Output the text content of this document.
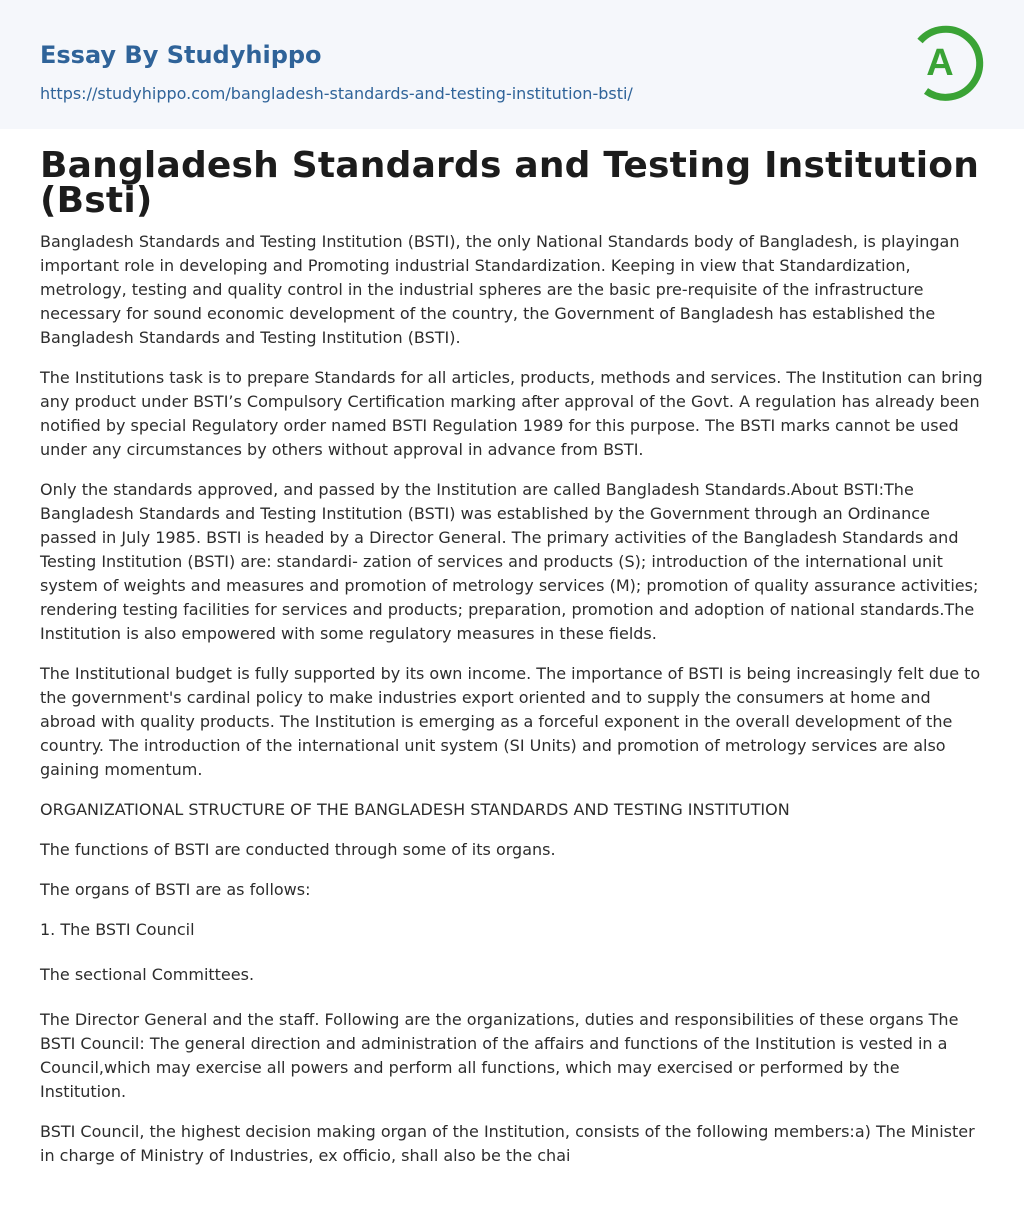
Essay By Studyhippo
https://studyhippo.com/bangladesh-standards-and-testing-institution-bsti/
A
Bangladesh Standards and Testing Institution (Bsti)

Bangladesh Standards and Testing Institution (BSTI), the only National Standards body of Bangladesh, is playingan important role in developing and Promoting industrial Standardization. Keeping in view that Standardization, metrology, testing and quality control in the industrial spheres are the basic pre-requisite of the infrastructure necessary for sound economic development of the country, the Government of Bangladesh has established the Bangladesh Standards and Testing Institution (BSTI).

The Institutions task is to prepare Standards for all articles, products, methods and services. The Institution can bring any product under BSTI’s Compulsory Certification marking after approval of the Govt. A regulation has already been notified by special Regulatory order named BSTI Regulation 1989 for this purpose. The BSTI marks cannot be used under any circumstances by others without approval in advance from BSTI.

Only the standards approved, and passed by the Institution are called Bangladesh Standards.About BSTI:The Bangladesh Standards and Testing Institution (BSTI) was established by the Government through an Ordinance passed in July 1985. BSTI is headed by a Director General. The primary activities of the Bangladesh Standards and Testing Institution (BSTI) are: standardi- zation of services and products (S); introduction of the international unit system of weights and measures and promotion of metrology services (M); promotion of quality assurance activities; rendering testing facilities for services and products; preparation, promotion and adoption of national standards.The Institution is also empowered with some regulatory measures in these fields.

The Institutional budget is fully supported by its own income. The importance of BSTI is being increasingly felt due to the government's cardinal policy to make industries export oriented and to supply the consumers at home and abroad with quality products. The Institution is emerging as a forceful exponent in the overall development of the country. The introduction of the international unit system (SI Units) and promotion of metrology services are also gaining momentum.

ORGANIZATIONAL STRUCTURE OF THE BANGLADESH STANDARDS AND TESTING INSTITUTION

The functions of BSTI are conducted through some of its organs.

The organs of BSTI are as follows:

1. The BSTI Council

The sectional Committees.

The Director General and the staff. Following are the organizations, duties and responsibilities of these organs The BSTI Council: The general direction and administration of the affairs and functions of the Institution is vested in a Council,which may exercise all powers and perform all functions, which may exercised or performed by the Institution.

BSTI Council, the highest decision making organ of the Institution, consists of the following members:a) The Minister in charge of Ministry of Industries, ex officio, shall also be the chai
